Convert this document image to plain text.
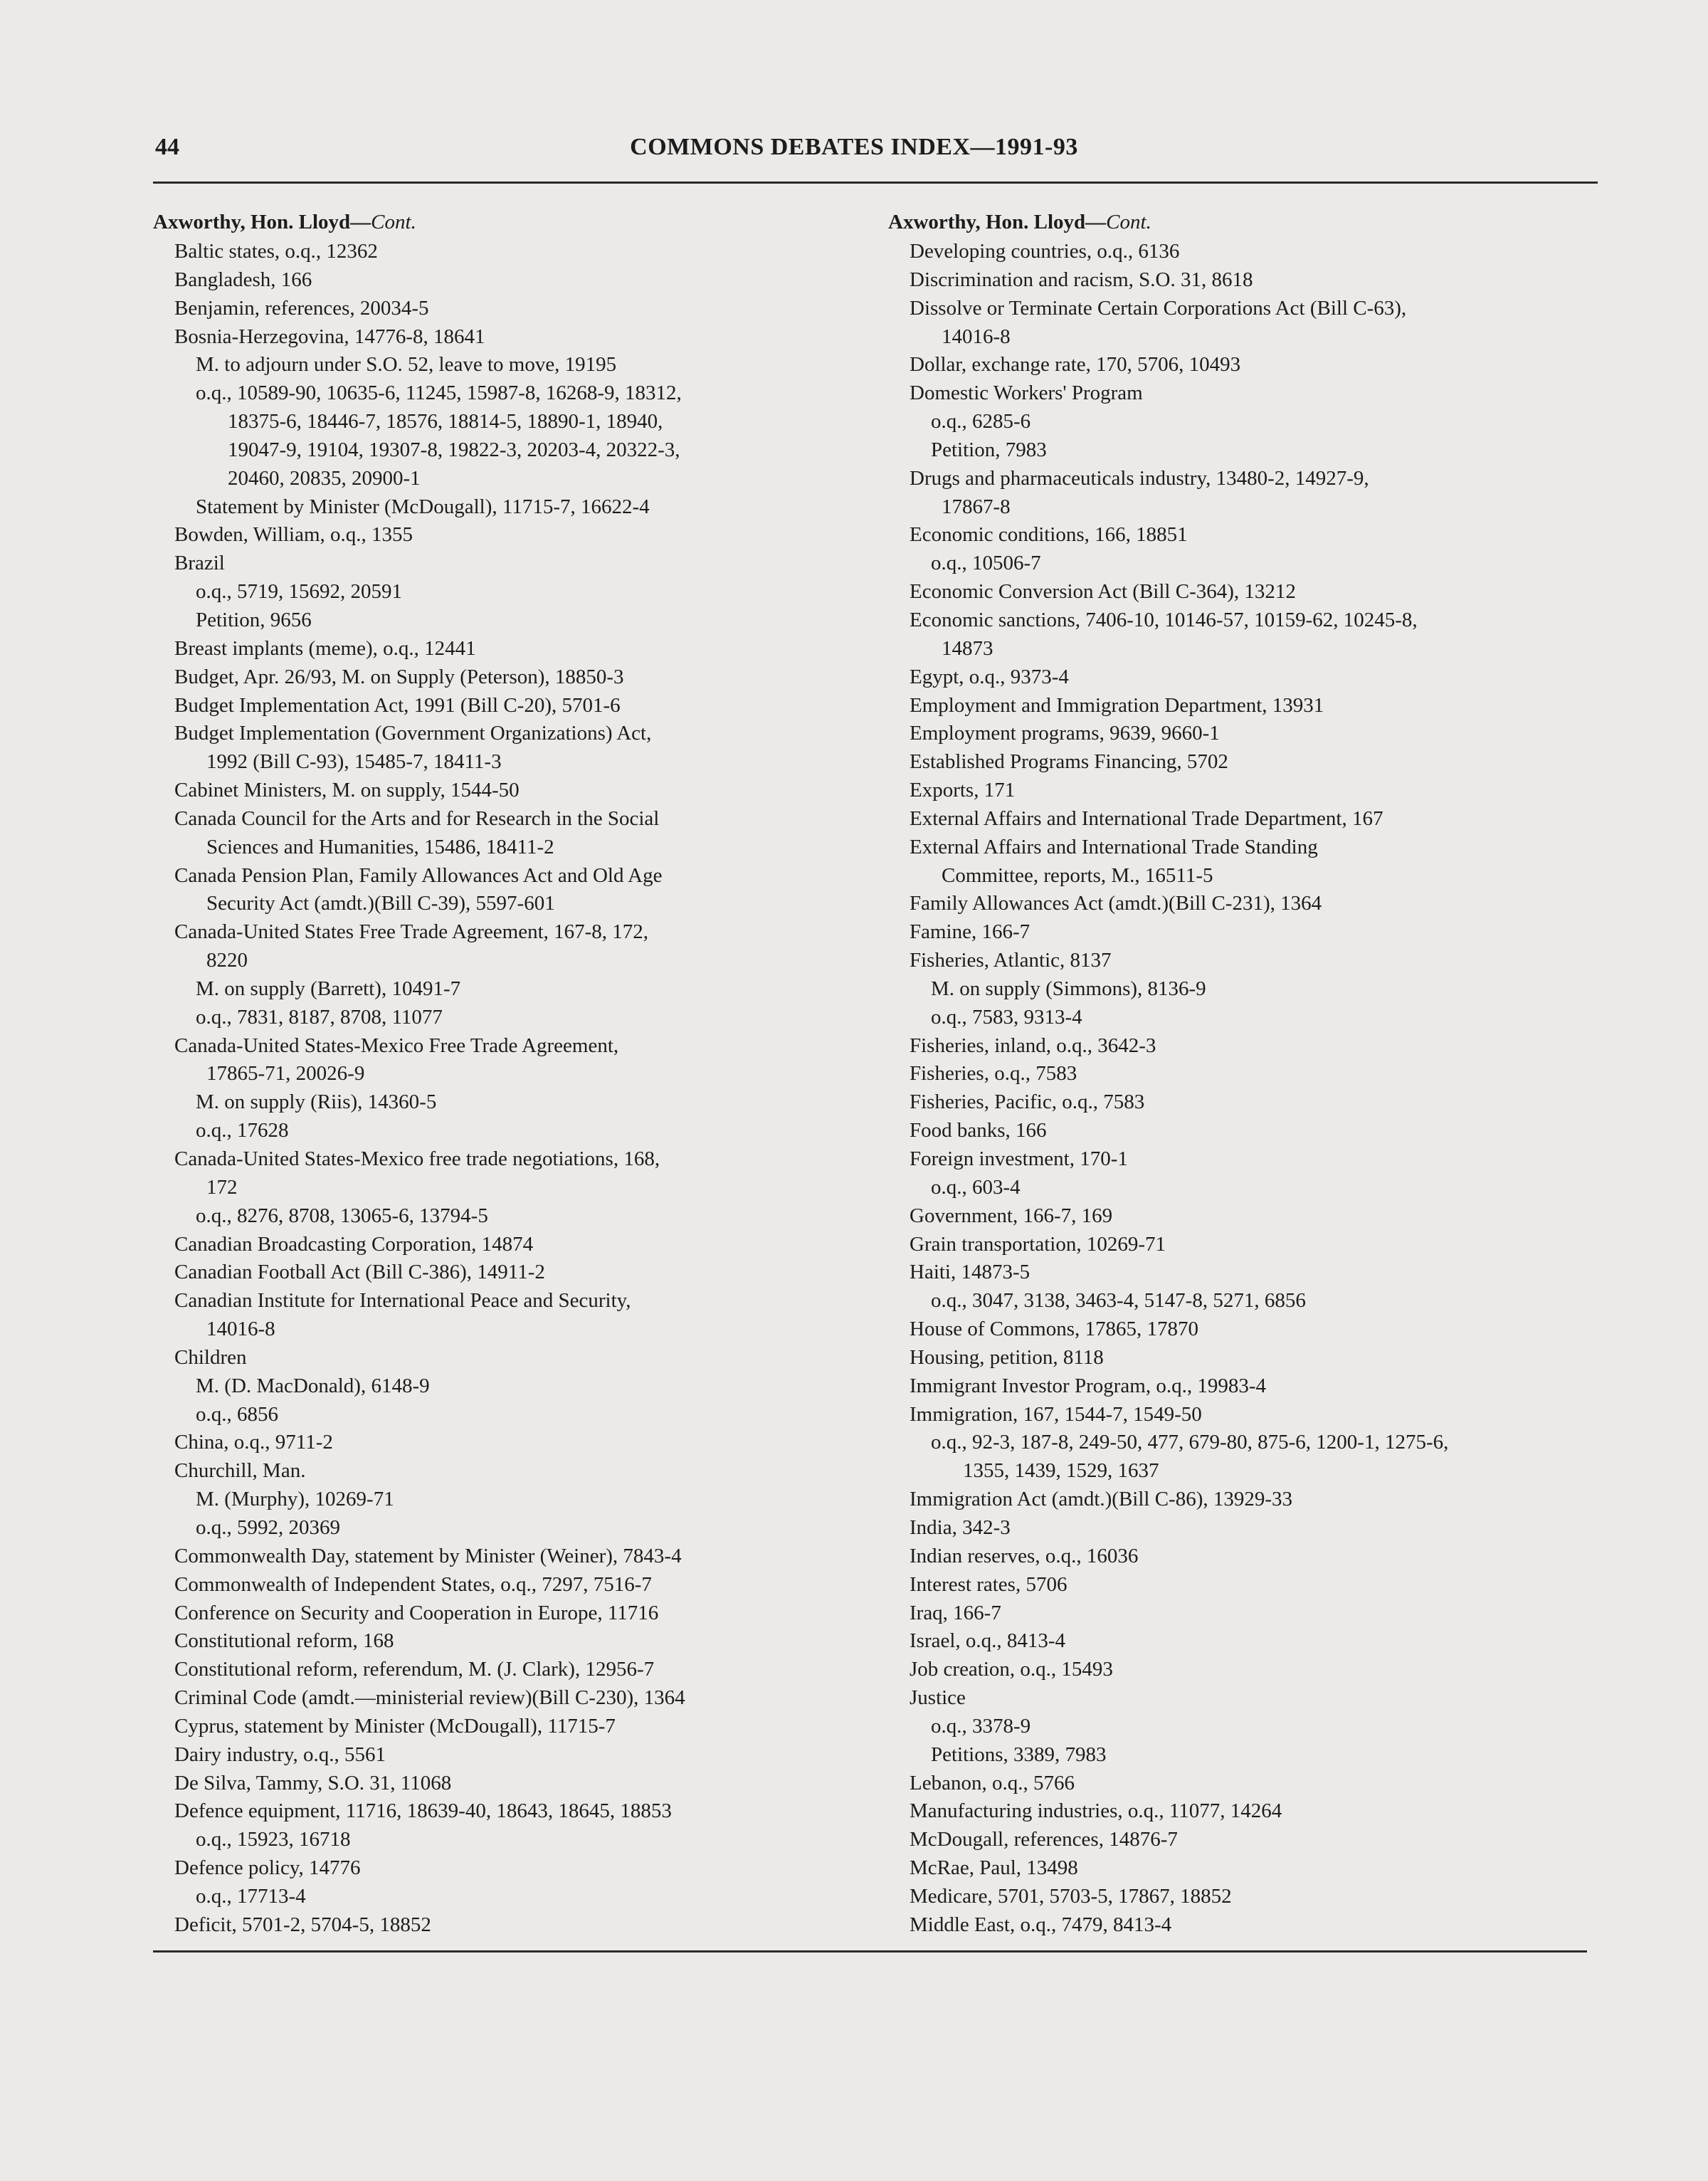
44	COMMONS DEBATES INDEX—1991-93
Axworthy, Hon. Lloyd—Cont.
Baltic states, o.q., 12362
Bangladesh, 166
Benjamin, references, 20034-5
Bosnia-Herzegovina, 14776-8, 18641
M. to adjourn under S.O. 52, leave to move, 19195
o.q., 10589-90, 10635-6, 11245, 15987-8, 16268-9, 18312,
18375-6, 18446-7, 18576, 18814-5, 18890-1, 18940,
19047-9, 19104, 19307-8, 19822-3, 20203-4, 20322-3,
20460, 20835, 20900-1
Statement by Minister (McDougall), 11715-7, 16622-4
Bowden, William, o.q., 1355
Brazil
o.q., 5719, 15692, 20591
Petition, 9656
Breast implants (meme), o.q., 12441
Budget, Apr. 26/93, M. on Supply (Peterson), 18850-3
Budget Implementation Act, 1991 (Bill C-20), 5701-6
Budget Implementation (Government Organizations) Act,
1992 (Bill C-93), 15485-7, 18411-3
Cabinet Ministers, M. on supply, 1544-50
Canada Council for the Arts and for Research in the Social
Sciences and Humanities, 15486, 18411-2
Canada Pension Plan, Family Allowances Act and Old Age
Security Act (amdt.)(Bill C-39), 5597-601
Canada-United States Free Trade Agreement, 167-8, 172,
8220
M. on supply (Barrett), 10491-7
o.q., 7831, 8187, 8708, 11077
Canada-United States-Mexico Free Trade Agreement,
17865-71, 20026-9
M. on supply (Riis), 14360-5
o.q., 17628
Canada-United States-Mexico free trade negotiations, 168,
172
o.q., 8276, 8708, 13065-6, 13794-5
Canadian Broadcasting Corporation, 14874
Canadian Football Act (Bill C-386), 14911-2
Canadian Institute for International Peace and Security,
14016-8
Children
M. (D. MacDonald), 6148-9
o.q., 6856
China, o.q., 9711-2
Churchill, Man.
M. (Murphy), 10269-71
o.q., 5992, 20369
Commonwealth Day, statement by Minister (Weiner), 7843-4
Commonwealth of Independent States, o.q., 7297, 7516-7
Conference on Security and Cooperation in Europe, 11716
Constitutional reform, 168
Constitutional reform, referendum, M. (J. Clark), 12956-7
Criminal Code (amdt.—ministerial review)(Bill C-230), 1364
Cyprus, statement by Minister (McDougall), 11715-7
Dairy industry, o.q., 5561
De Silva, Tammy, S.O. 31, 11068
Defence equipment, 11716, 18639-40, 18643, 18645, 18853
o.q., 15923, 16718
Defence policy, 14776
o.q., 17713-4
Deficit, 5701-2, 5704-5, 18852
Axworthy, Hon. Lloyd—Cont.
Developing countries, o.q., 6136
Discrimination and racism, S.O. 31, 8618
Dissolve or Terminate Certain Corporations Act (Bill C-63),
14016-8
Dollar, exchange rate, 170, 5706, 10493
Domestic Workers' Program
o.q., 6285-6
Petition, 7983
Drugs and pharmaceuticals industry, 13480-2, 14927-9,
17867-8
Economic conditions, 166, 18851
o.q., 10506-7
Economic Conversion Act (Bill C-364), 13212
Economic sanctions, 7406-10, 10146-57, 10159-62, 10245-8,
14873
Egypt, o.q., 9373-4
Employment and Immigration Department, 13931
Employment programs, 9639, 9660-1
Established Programs Financing, 5702
Exports, 171
External Affairs and International Trade Department, 167
External Affairs and International Trade Standing
Committee, reports, M., 16511-5
Family Allowances Act (amdt.)(Bill C-231), 1364
Famine, 166-7
Fisheries, Atlantic, 8137
M. on supply (Simmons), 8136-9
o.q., 7583, 9313-4
Fisheries, inland, o.q., 3642-3
Fisheries, o.q., 7583
Fisheries, Pacific, o.q., 7583
Food banks, 166
Foreign investment, 170-1
o.q., 603-4
Government, 166-7, 169
Grain transportation, 10269-71
Haiti, 14873-5
o.q., 3047, 3138, 3463-4, 5147-8, 5271, 6856
House of Commons, 17865, 17870
Housing, petition, 8118
Immigrant Investor Program, o.q., 19983-4
Immigration, 167, 1544-7, 1549-50
o.q., 92-3, 187-8, 249-50, 477, 679-80, 875-6, 1200-1, 1275-6,
1355, 1439, 1529, 1637
Immigration Act (amdt.)(Bill C-86), 13929-33
India, 342-3
Indian reserves, o.q., 16036
Interest rates, 5706
Iraq, 166-7
Israel, o.q., 8413-4
Job creation, o.q., 15493
Justice
o.q., 3378-9
Petitions, 3389, 7983
Lebanon, o.q., 5766
Manufacturing industries, o.q., 11077, 14264
McDougall, references, 14876-7
McRae, Paul, 13498
Medicare, 5701, 5703-5, 17867, 18852
Middle East, o.q., 7479, 8413-4
